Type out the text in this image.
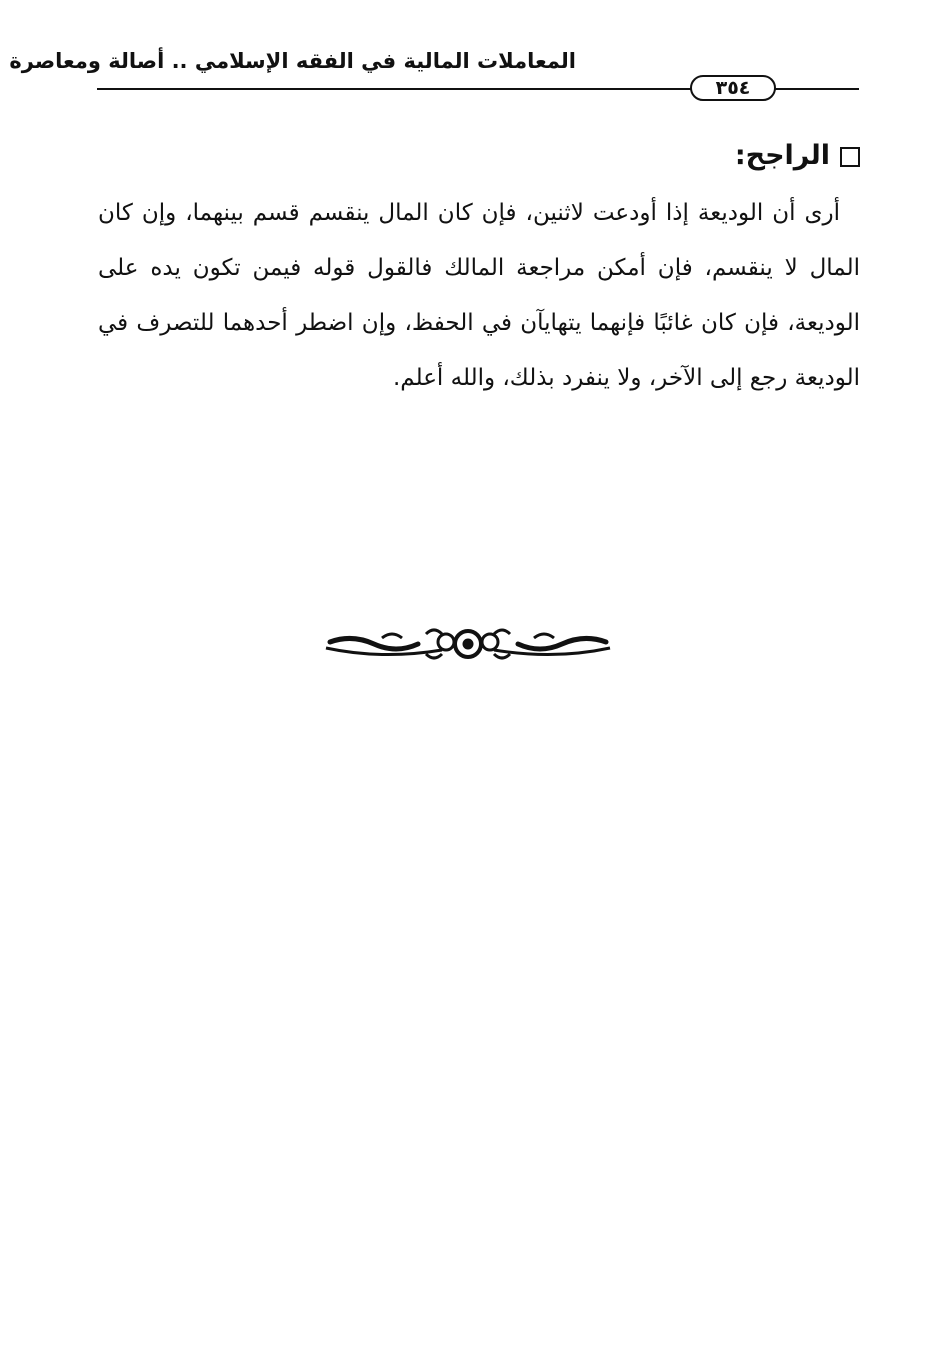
المعاملات المالية في الفقه الإسلامي .. أصالة ومعاصرة
٣٥٤
الراجح:

أرى أن الوديعة إذا أودعت لاثنين، فإن كان المال ينقسم قسم بينهما، وإن كان المال لا ينقسم، فإن أمكن مراجعة المالك فالقول قوله فيمن تكون يده على الوديعة، فإن كان غائبًا فإنهما يتهايآن في الحفظ، وإن اضطر أحدهما للتصرف في الوديعة رجع إلى الآخر، ولا ينفرد بذلك، والله أعلم.
